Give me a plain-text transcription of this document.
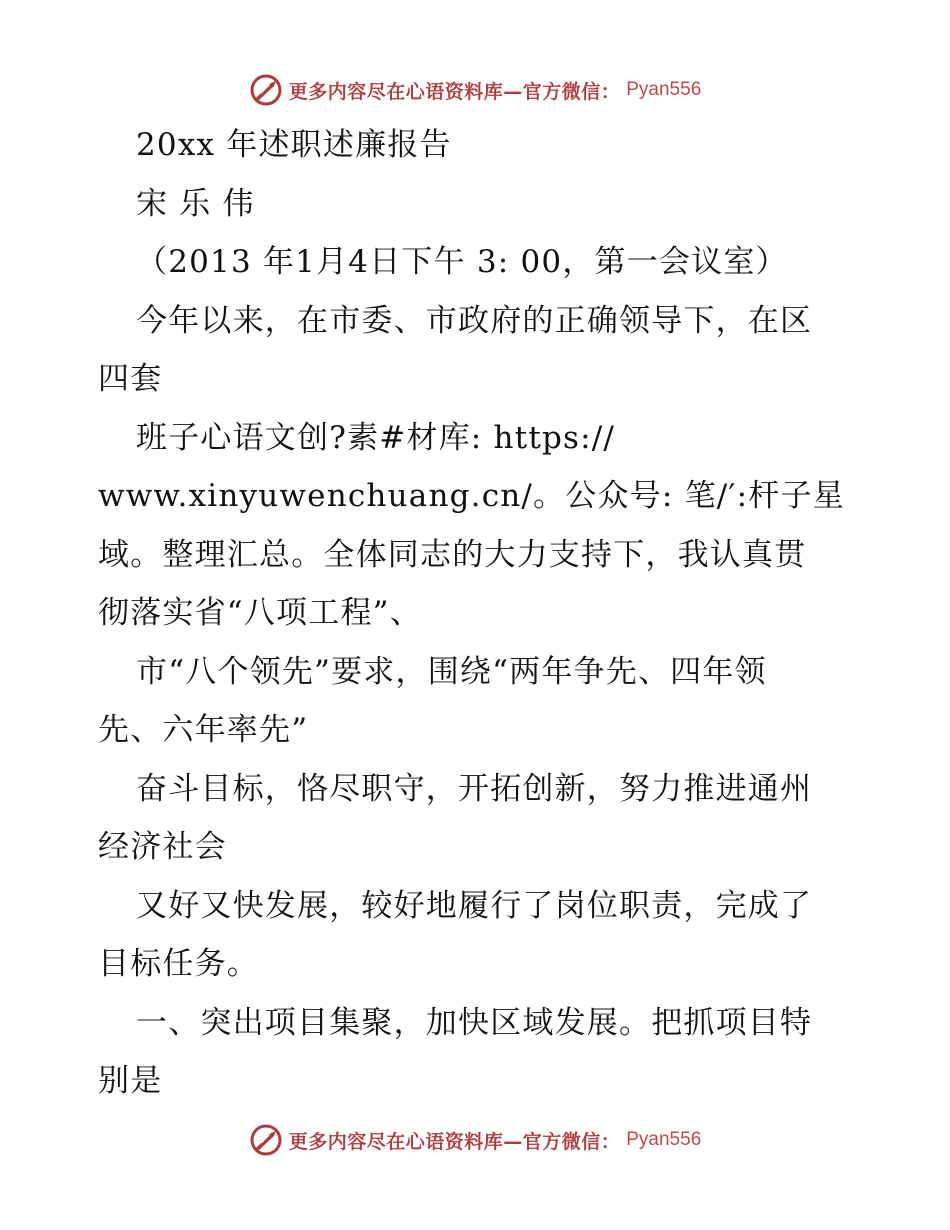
更多内容尽在心语资料库—官方微信： Pyan556
20xx 年述职述廉报告
宋 乐 伟
（2013 年1月4日下午 3: 00，第一会议室）
今年以来，在市委、市政府的正确领导下，在区
四套
班子心语文创?素#材库: https://
www.xinyuwenchuang.cn/。公众号: 笔/′:杆子星
域。整理汇总。全体同志的大力支持下，我认真贯
彻落实省“八项工程”、
市“八个领先”要求，围绕“两年争先、四年领
先、六年率先”
奋斗目标，恪尽职守，开拓创新，努力推进通州
经济社会
又好又快发展，较好地履行了岗位职责，完成了
目标任务。
一、突出项目集聚，加快区域发展。把抓项目特
别是
更多内容尽在心语资料库—官方微信： Pyan556
